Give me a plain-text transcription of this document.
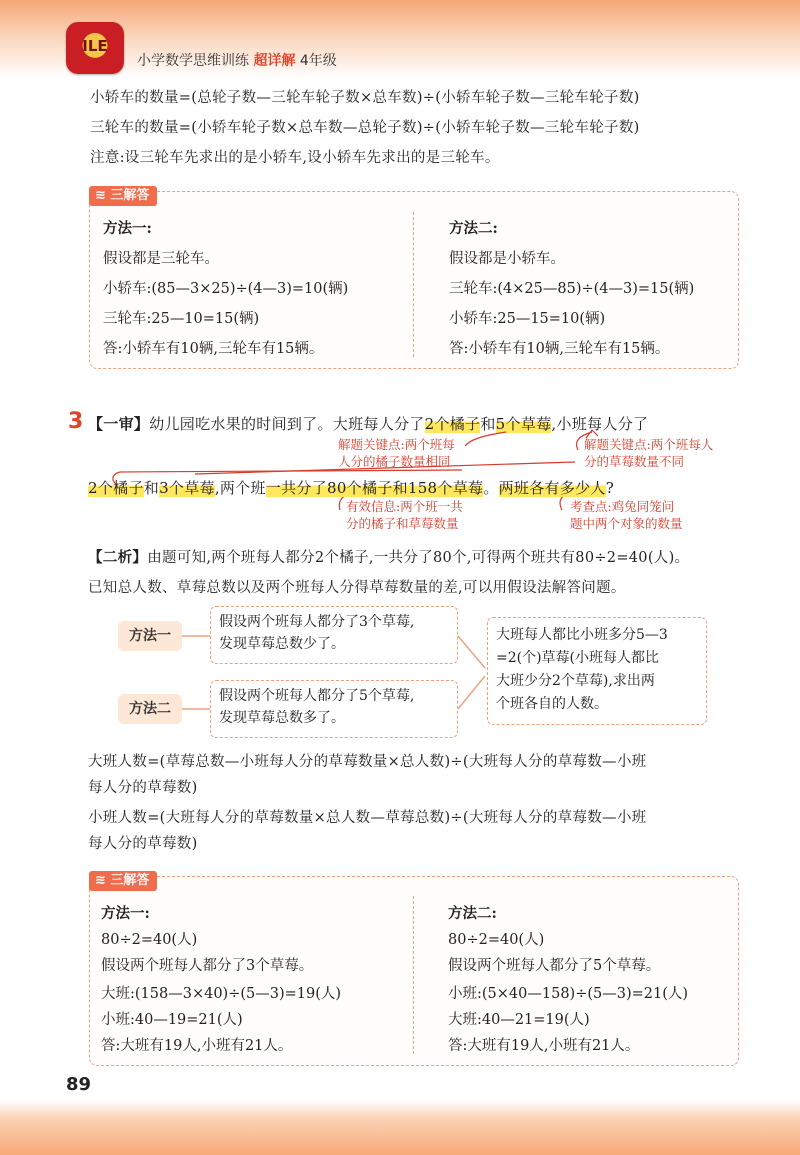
ILE
小学数学思维训练 超详解 4年级
小轿车的数量=(总轮子数—三轮车轮子数×总车数)÷(小轿车轮子数—三轮车轮子数)
三轮车的数量=(小轿车轮子数×总车数—总轮子数)÷(小轿车轮子数—三轮车轮子数)
注意:设三轮车先求出的是小轿车,设小轿车先求出的是三轮车。
≋ 三解答
方法一:
假设都是三轮车。
小轿车:(85—3×25)÷(4—3)=10(辆)
三轮车:25—10=15(辆)
答:小轿车有10辆,三轮车有15辆。
方法二:
假设都是小轿车。
三轮车:(4×25—85)÷(4—3)=15(辆)
小轿车:25—15=10(辆)
答:小轿车有10辆,三轮车有15辆。
3 【一审】幼儿园吃水果的时间到了。大班每人分了2个橘子和5个草莓,小班每人分了
解题关键点:两个班每
人分的橘子数量相同
解题关键点:两个班每人
分的草莓数量不同
2个橘子和3个草莓,两个班一共分了80个橘子和158个草莓。两班各有多少人?
有效信息:两个班一共
分的橘子和草莓数量
考查点:鸡兔同笼问
题中两个对象的数量
【二析】由题可知,两个班每人都分2个橘子,一共分了80个,可得两个班共有80÷2=40(人)。
已知总人数、草莓总数以及两个班每人分得草莓数量的差,可以用假设法解答问题。
方法一
假设两个班每人都分了3个草莓,
发现草莓总数少了。
方法二
假设两个班每人都分了5个草莓,
发现草莓总数多了。
大班每人都比小班多分5—3
=2(个)草莓(小班每人都比
大班少分2个草莓),求出两
个班各自的人数。
大班人数=(草莓总数—小班每人分的草莓数量×总人数)÷(大班每人分的草莓数—小班
每人分的草莓数)
小班人数=(大班每人分的草莓数量×总人数—草莓总数)÷(大班每人分的草莓数—小班
每人分的草莓数)
≋ 三解答
方法一:
80÷2=40(人)
假设两个班每人都分了3个草莓。
大班:(158—3×40)÷(5—3)=19(人)
小班:40—19=21(人)
答:大班有19人,小班有21人。
方法二:
80÷2=40(人)
假设两个班每人都分了5个草莓。
小班:(5×40—158)÷(5—3)=21(人)
大班:40—21=19(人)
答:大班有19人,小班有21人。
89
